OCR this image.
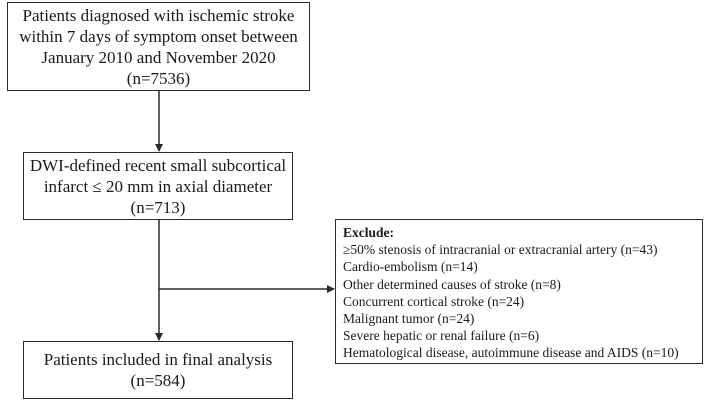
Patients diagnosed with ischemic stroke
within 7 days of symptom onset between
January 2010 and November 2020
(n=7536)
DWI-defined recent small subcortical
infarct ≤ 20 mm in axial diameter
(n=713)
Exclude:
≥50% stenosis of intracranial or extracranial artery (n=43)
Cardio-embolism (n=14)
Other determined causes of stroke (n=8)
Concurrent cortical stroke (n=24)
Malignant tumor (n=24)
Severe hepatic or renal failure (n=6)
Hematological disease, autoimmune disease and AIDS (n=10)
Patients included in final analysis
(n=584)
